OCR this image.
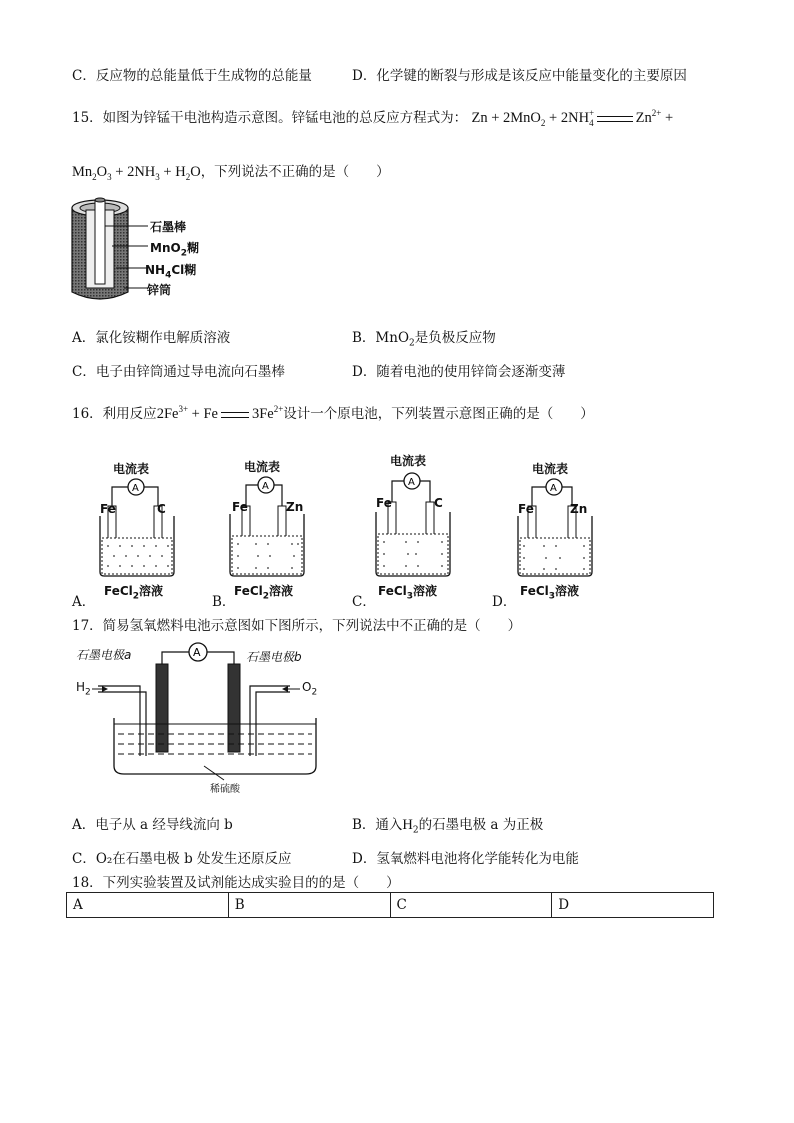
C．反应物的总能量低于生成物的总能量	D．化学键的断裂与形成是该反应中能量变化的主要原因
15．如图为锌锰干电池构造示意图。锌锰电池的总反应方程式为： $Zn + 2MnO_2 + 2NH^+_4$	$Zn^{2+}$ +
$Mn_2O_3 + 2NH_3 + H_2O$，下列说法不正确的是（　　）
石墨棒
MnO$_2$糊
$NH_4Cl$糊
锌筒
A．氯化铵糊作电解质溶液	B．MnO$_2$是负极反应物
C．电子由锌筒通过导电流向石墨棒	D．随着电池的使用锌筒会逐渐变薄
16．利用反应$2Fe^{3+} + Fe$ $3Fe^{2+}$设计一个原电池，下列装置示意图正确的是（　　）
电流表
A
Fe	C
FeCl$_2$溶液
A．
电流表
A
Fe	Zn
FeCl$_2$溶液
B．
电流表
A
Fe	C
FeCl$_3$溶液
C．
电流表
A
Fe	Zn
FeCl$_3$溶液
D．
17．简易氢氧燃料电池示意图如下图所示，下列说法中不正确的是（　　）
A
石墨电极a	石墨电极b
$H_2$	$O_2$
稀硫酸
A．电子从 a 经导线流向 b	B．通入$H_2$的石墨电极 a 为正极
C．O₂在石墨电极 b 处发生还原反应	D．氢氧燃料电池将化学能转化为电能
18．下列实验装置及试剂能达成实验目的的是（　　）
A	B	C	D
